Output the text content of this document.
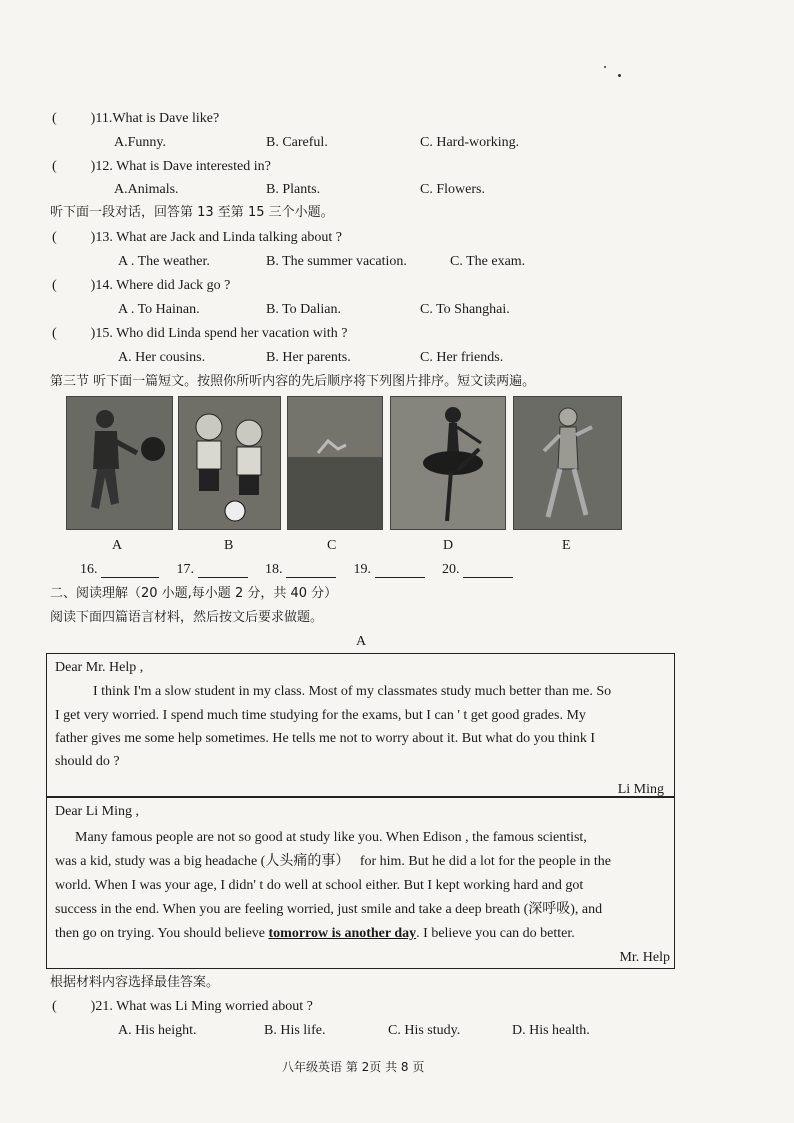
( )11.What is Dave like?
A.Funny.	B. Careful.	C. Hard-working.
( )12. What is Dave interested in?
A.Animals.	B. Plants.	C. Flowers.
听下面一段对话，回答第 13 至第 15 三个小题。
( )13. What are Jack and Linda talking about ?
A . The weather.	B. The summer vacation.	C. The exam.
( )14. Where did Jack go ?
A . To Hainan.	B. To Dalian.	C. To Shanghai.
( )15. Who did Linda spend her vacation with ?
A. Her cousins.	B. Her parents.	C. Her friends.
第三节 听下面一篇短文。按照你所听内容的先后顺序将下列图片排序。短文读两遍。
A	B	C	D	E
16.	17.	18.	19.	20.
二、阅读理解（20 小题,每小题 2 分，共 40 分）
阅读下面四篇语言材料，然后按文后要求做题。
A
Dear Mr. Help ,
I think I'm a slow student in my class. Most of my classmates study much better than me. So
I get very worried. I spend much time studying for the exams, but I can ' t get good grades. My
father gives me some help sometimes. He tells me not to worry about it. But what do you think I
should do ?
Li Ming
Dear Li Ming ,
Many famous people are not so good at study like you. When Edison , the famous scientist,
was a kid, study was a big headache (人头痛的事） for him. But he did a lot for the people in the
world. When I was your age, I didn' t do well at school either. But I kept working hard and got
success in the end. When you are feeling worried, just smile and take a deep breath (深呼吸), and
then go on trying. You should believe tomorrow is another day. I believe you can do better.
Mr. Help
根据材料内容选择最佳答案。
( )21. What was Li Ming worried about ?
A. His height.	B. His life.	C. His study.	D. His health.
八年级英语 第 2页 共 8 页
